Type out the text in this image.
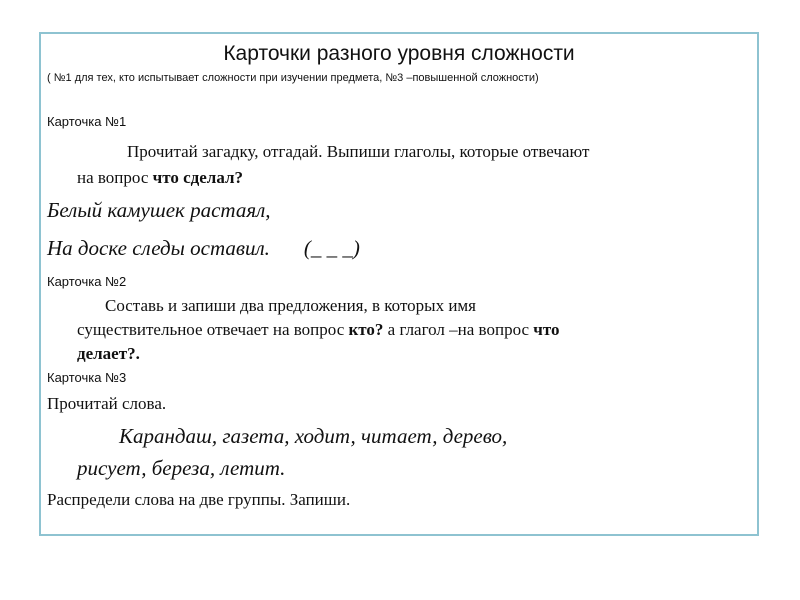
Карточки разного уровня сложности
( №1 для тех, кто испытывает сложности при изучении предмета, №3 –повышенной сложности)
Карточка №1
Прочитай загадку, отгадай. Выпиши глаголы, которые отвечают
на вопрос что сделал?
Белый камушек растаял,
На доске следы оставил. (_ _ _)
Карточка №2
Составь и запиши два предложения, в которых имя
существительное отвечает на вопрос кто? а глагол –на вопрос что
делает?.
Карточка №3
Прочитай слова.
Карандаш, газета, ходит, читает, дерево,
рисует, береза, летит.
Распредели слова на две группы. Запиши.
